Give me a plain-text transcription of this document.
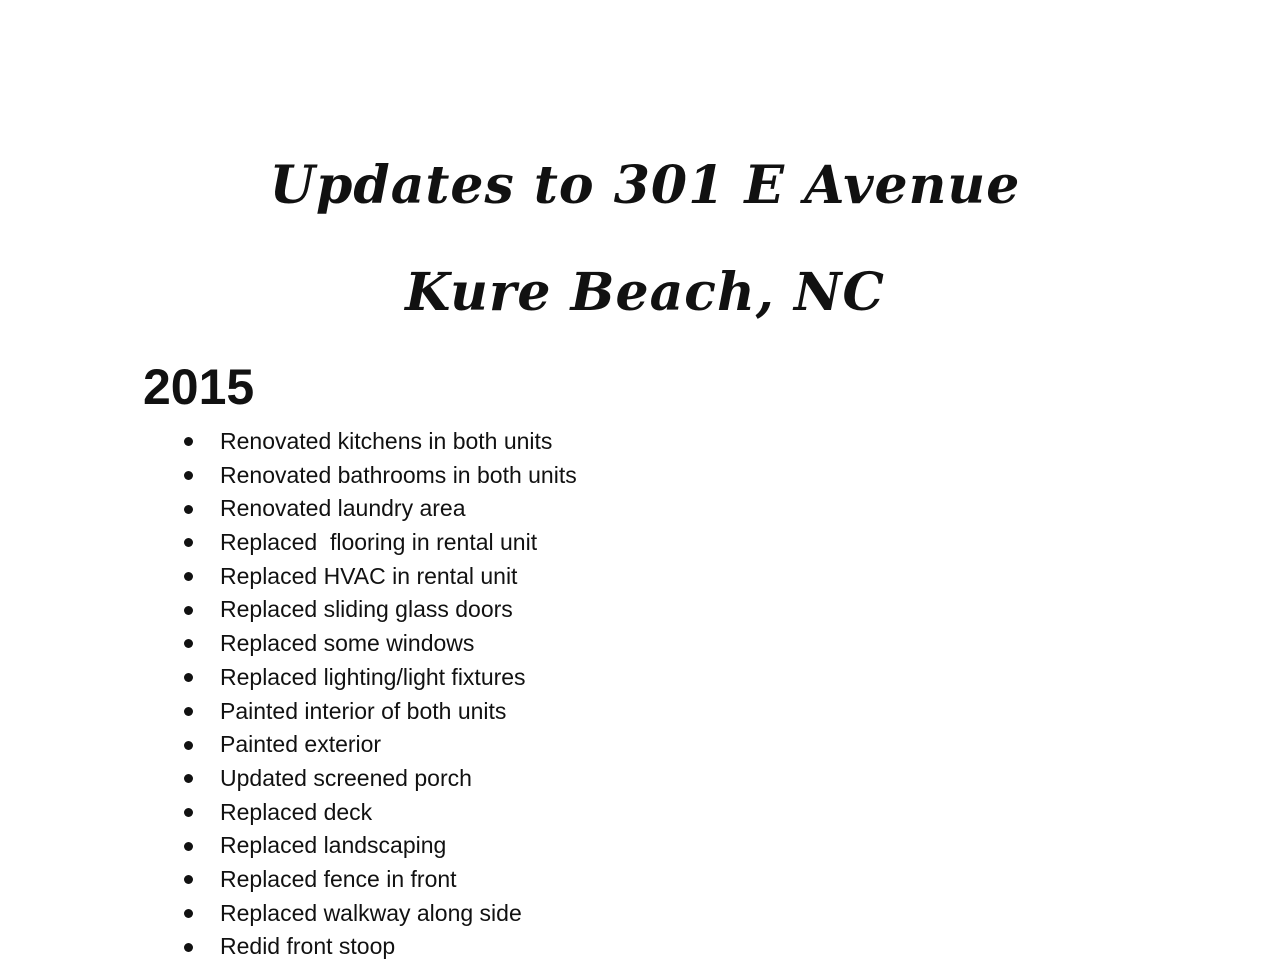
Updates to 301 E Avenue
Kure Beach, NC
2015
Renovated kitchens in both units
Renovated bathrooms in both units
Renovated laundry area
Replaced  flooring in rental unit
Replaced HVAC in rental unit
Replaced sliding glass doors
Replaced some windows
Replaced lighting/light fixtures
Painted interior of both units
Painted exterior
Updated screened porch
Replaced deck
Replaced landscaping
Replaced fence in front
Replaced walkway along side
Redid front stoop
